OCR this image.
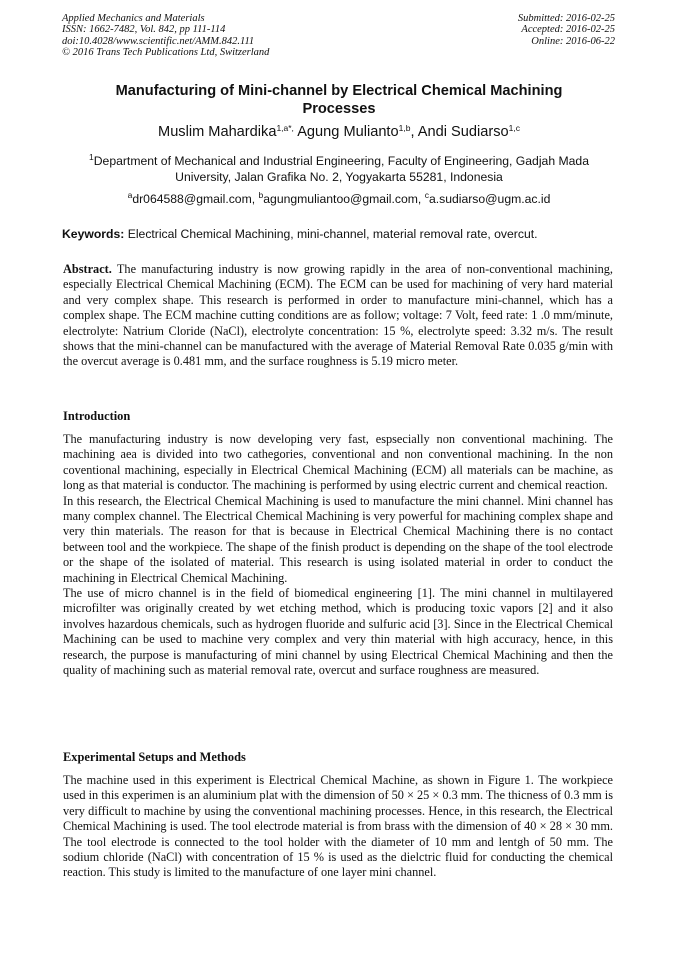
Applied Mechanics and Materials
ISSN: 1662-7482, Vol. 842, pp 111-114
doi:10.4028/www.scientific.net/AMM.842.111
© 2016 Trans Tech Publications Ltd, Switzerland
Submitted: 2016-02-25
Accepted: 2016-02-25
Online: 2016-06-22
Manufacturing of Mini-channel by Electrical Chemical Machining
Processes
Muslim Mahardika$^{1,a*,}$ Agung Mulianto$^{1,b}$, Andi Sudiarso$^{1,c}$
$^1$Department of Mechanical and Industrial Engineering, Faculty of Engineering, Gadjah Mada
University, Jalan Grafika No. 2, Yogyakarta 55281, Indonesia
$^a$dr064588@gmail.com, $^b$agungmuliantoo@gmail.com, $^c$a.sudiarso@ugm.ac.id
Keywords: Electrical Chemical Machining, mini-channel, material removal rate, overcut.

Abstract. The manufacturing industry is now growing rapidly in the area of non-conventional machining, especially Electrical Chemical Machining (ECM). The ECM can be used for machining of very hard material and very complex shape. This research is performed in order to manufacture mini-channel, which has a complex shape. The ECM machine cutting conditions are as follow; voltage: 7 Volt, feed rate: 1 .0 mm/minute, electrolyte: Natrium Cloride (NaCl), electrolyte concentration: 15 %, electrolyte speed: 3.32 m/s. The result shows that the mini-channel can be manufactured with the average of Material Removal Rate 0.035 g/min with the overcut average is 0.481 mm, and the surface roughness is 5.19 micro meter.

Introduction

The manufacturing industry is now developing very fast, espsecially non conventional machining. The machining aea is divided into two cathegories, conventional and non conventional machining. In the non coventional machining, especially in Electrical Chemical Machining (ECM) all materials can be machine, as long as that material is conductor. The machining is performed by using electric current and chemical reaction.

In this research, the Electrical Chemical Machining is used to manufacture the mini channel. Mini channel has many complex channel. The Electrical Chemical Machining is very powerful for machining complex shape and very thin materials. The reason for that is because in Electrical Chemical Machining there is no contact between tool and the workpiece. The shape of the finish product is depending on the shape of the tool electrode or the shape of the isolated of material. This research is using isolated material in order to conduct the machining in Electrical Chemical Machining.

The use of micro channel is in the field of biomedical engineering [1]. The mini channel in multilayered microfilter was originally created by wet etching method, which is producing toxic vapors [2] and it also involves hazardous chemicals, such as hydrogen fluoride and sulfuric acid [3]. Since in the Electrical Chemical Machining can be used to machine very complex and very thin material with high accuracy, hence, in this research, the purpose is manufacturing of mini channel by using Electrical Chemical Machining and then the quality of machining such as material removal rate, overcut and surface roughness are measured.

Experimental Setups and Methods

The machine used in this experiment is Electrical Chemical Machine, as shown in Figure 1. The workpiece used in this experimen is an aluminium plat with the dimension of 50 × 25 × 0.3 mm. The thicness of 0.3 mm is very difficult to machine by using the conventional machining processes. Hence, in this research, the Electrical Chemical Machining is used. The tool electrode material is from brass with the dimension of 40 × 28 × 30 mm. The tool electrode is connected to the tool holder with the diameter of 10 mm and lentgh of 50 mm. The sodium chloride (NaCl) with concentration of 15 % is used as the dielctric fluid for conducting the chemical reaction. This study is limited to the manufacture of one layer mini channel.
